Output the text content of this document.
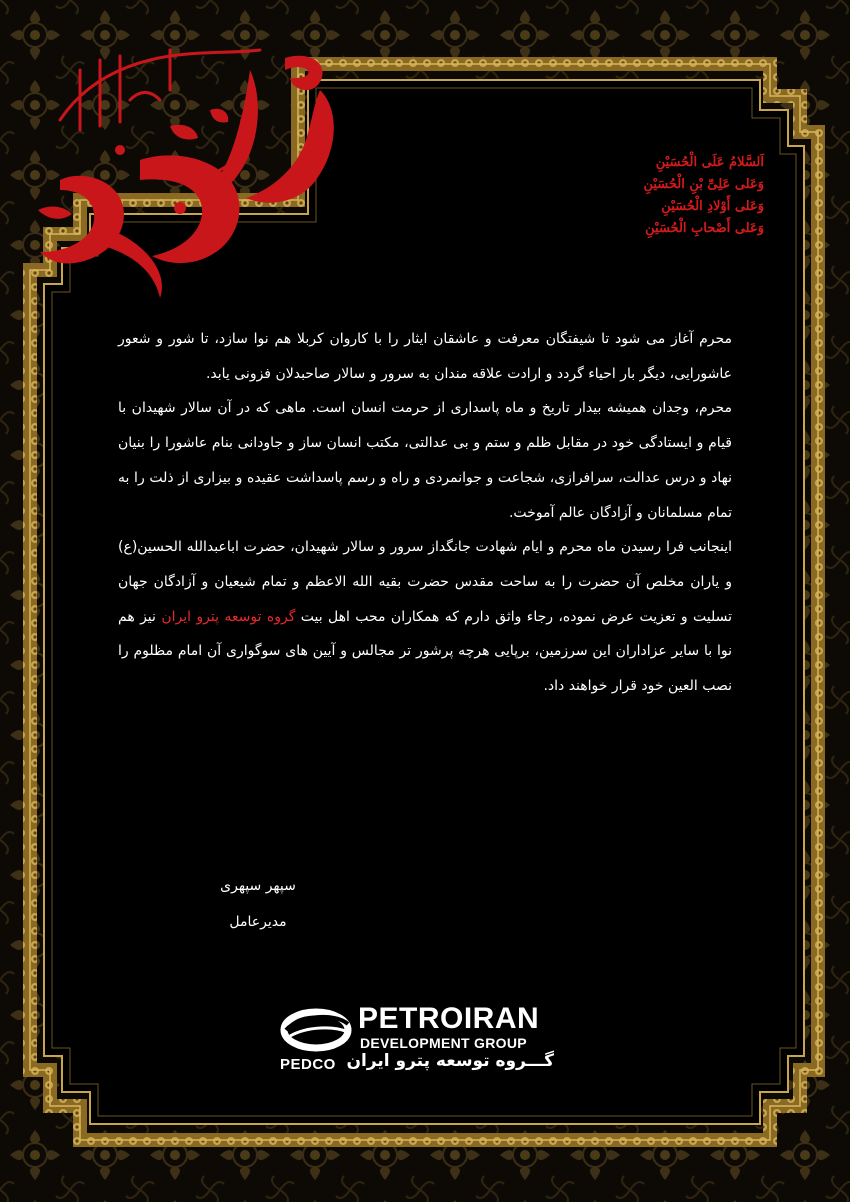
اَلسَّلامُ عَلَی الْحُسَیْنِ
وَعَلی عَلِیِّ بْنِ الْحُسَیْنِ
وَعَلی أَوْلادِ الْحُسَیْنِ
وَعَلی أَصْحابِ الْحُسَیْنِ

محرم آغاز می شود تا شیفتگان معرفت و عاشقان ایثار را با کاروان کربلا هم نوا سازد، تا شور و شعور عاشورایی، دیگر بار احیاء گردد و ارادت علاقه مندان به سرور و سالار صاحبدلان فزونی یابد.

محرم، وجدان همیشه بیدار تاریخ و ماه پاسداری از حرمت انسان است. ماهی که در آن سالار شهیدان با قیام و ایستادگی خود در مقابل ظلم و ستم و بی عدالتی، مکتب انسان ساز و جاودانی بنام عاشورا را بنیان نهاد و درس عدالت، سرافرازی، شجاعت و جوانمردی و راه و رسم پاسداشت عقیده و بیزاری از ذلت را به تمام مسلمانان و آزادگان عالم آموخت.

اینجانب فرا رسیدن ماه محرم و ایام شهادت جانگداز سرور و سالار شهیدان، حضرت اباعبدالله الحسین(ع) و یاران مخلص آن حضرت را به ساحت مقدس حضرت بقیه الله الاعظم و تمام شیعیان و آزادگان جهان تسلیت و تعزیت عرض نموده، رجاء واثق دارم که همکاران محب اهل بیت گروه توسعه پترو ایران نیز هم نوا با سایر عزاداران این سرزمین، برپایی هرچه پرشور تر مجالس و آیین های سوگواری آن امام مظلوم را نصب العین خود قرار خواهند داد.

سپهر سپهری
مدیرعامل
PEDCO
PETROIRAN
DEVELOPMENT GROUP
گـــروه توسعه پترو ایران
